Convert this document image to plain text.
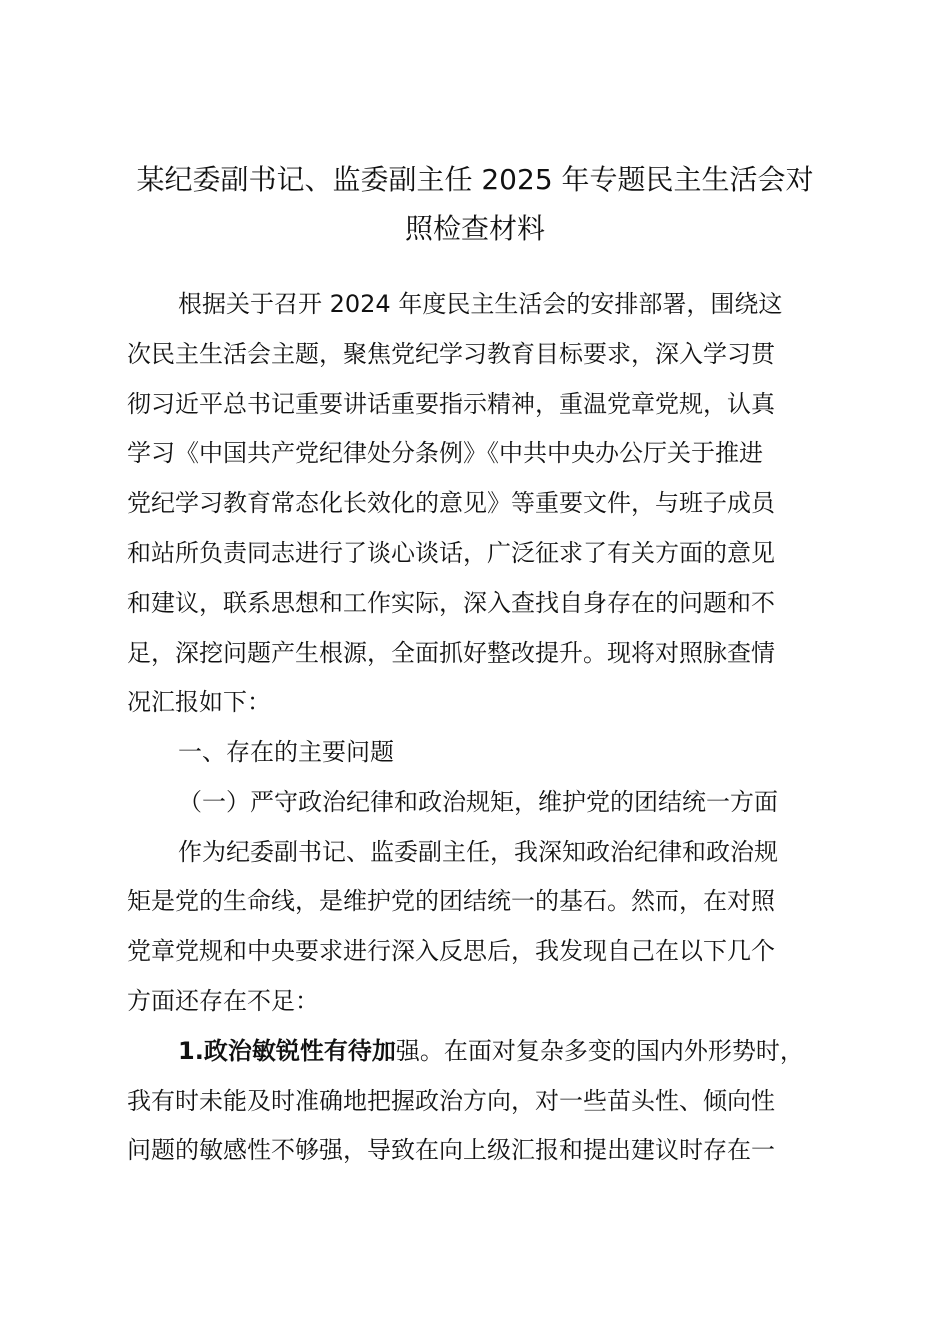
某纪委副书记、监委副主任 2025 年专题民主生活会对
照检查材料

根据关于召开 2024 年度民主生活会的安排部署，围绕这

次民主生活会主题，聚焦党纪学习教育目标要求，深入学习贯

彻习近平总书记重要讲话重要指示精神，重温党章党规，认真

学习《中国共产党纪律处分条例》《中共中央办公厅关于推进

党纪学习教育常态化长效化的意见》等重要文件，与班子成员

和站所负责同志进行了谈心谈话，广泛征求了有关方面的意见

和建议，联系思想和工作实际，深入查找自身存在的问题和不

足，深挖问题产生根源，全面抓好整改提升。现将对照脉查情

况汇报如下：

一、存在的主要问题

（一）严守政治纪律和政治规矩，维护党的团结统一方面

作为纪委副书记、监委副主任，我深知政治纪律和政治规

矩是党的生命线，是维护党的团结统一的基石。然而，在对照

党章党规和中央要求进行深入反思后，我发现自己在以下几个

方面还存在不足：

1.政治敏锐性有待加强。在面对复杂多变的国内外形势时，

我有时未能及时准确地把握政治方向，对一些苗头性、倾向性

问题的敏感性不够强，导致在向上级汇报和提出建议时存在一
